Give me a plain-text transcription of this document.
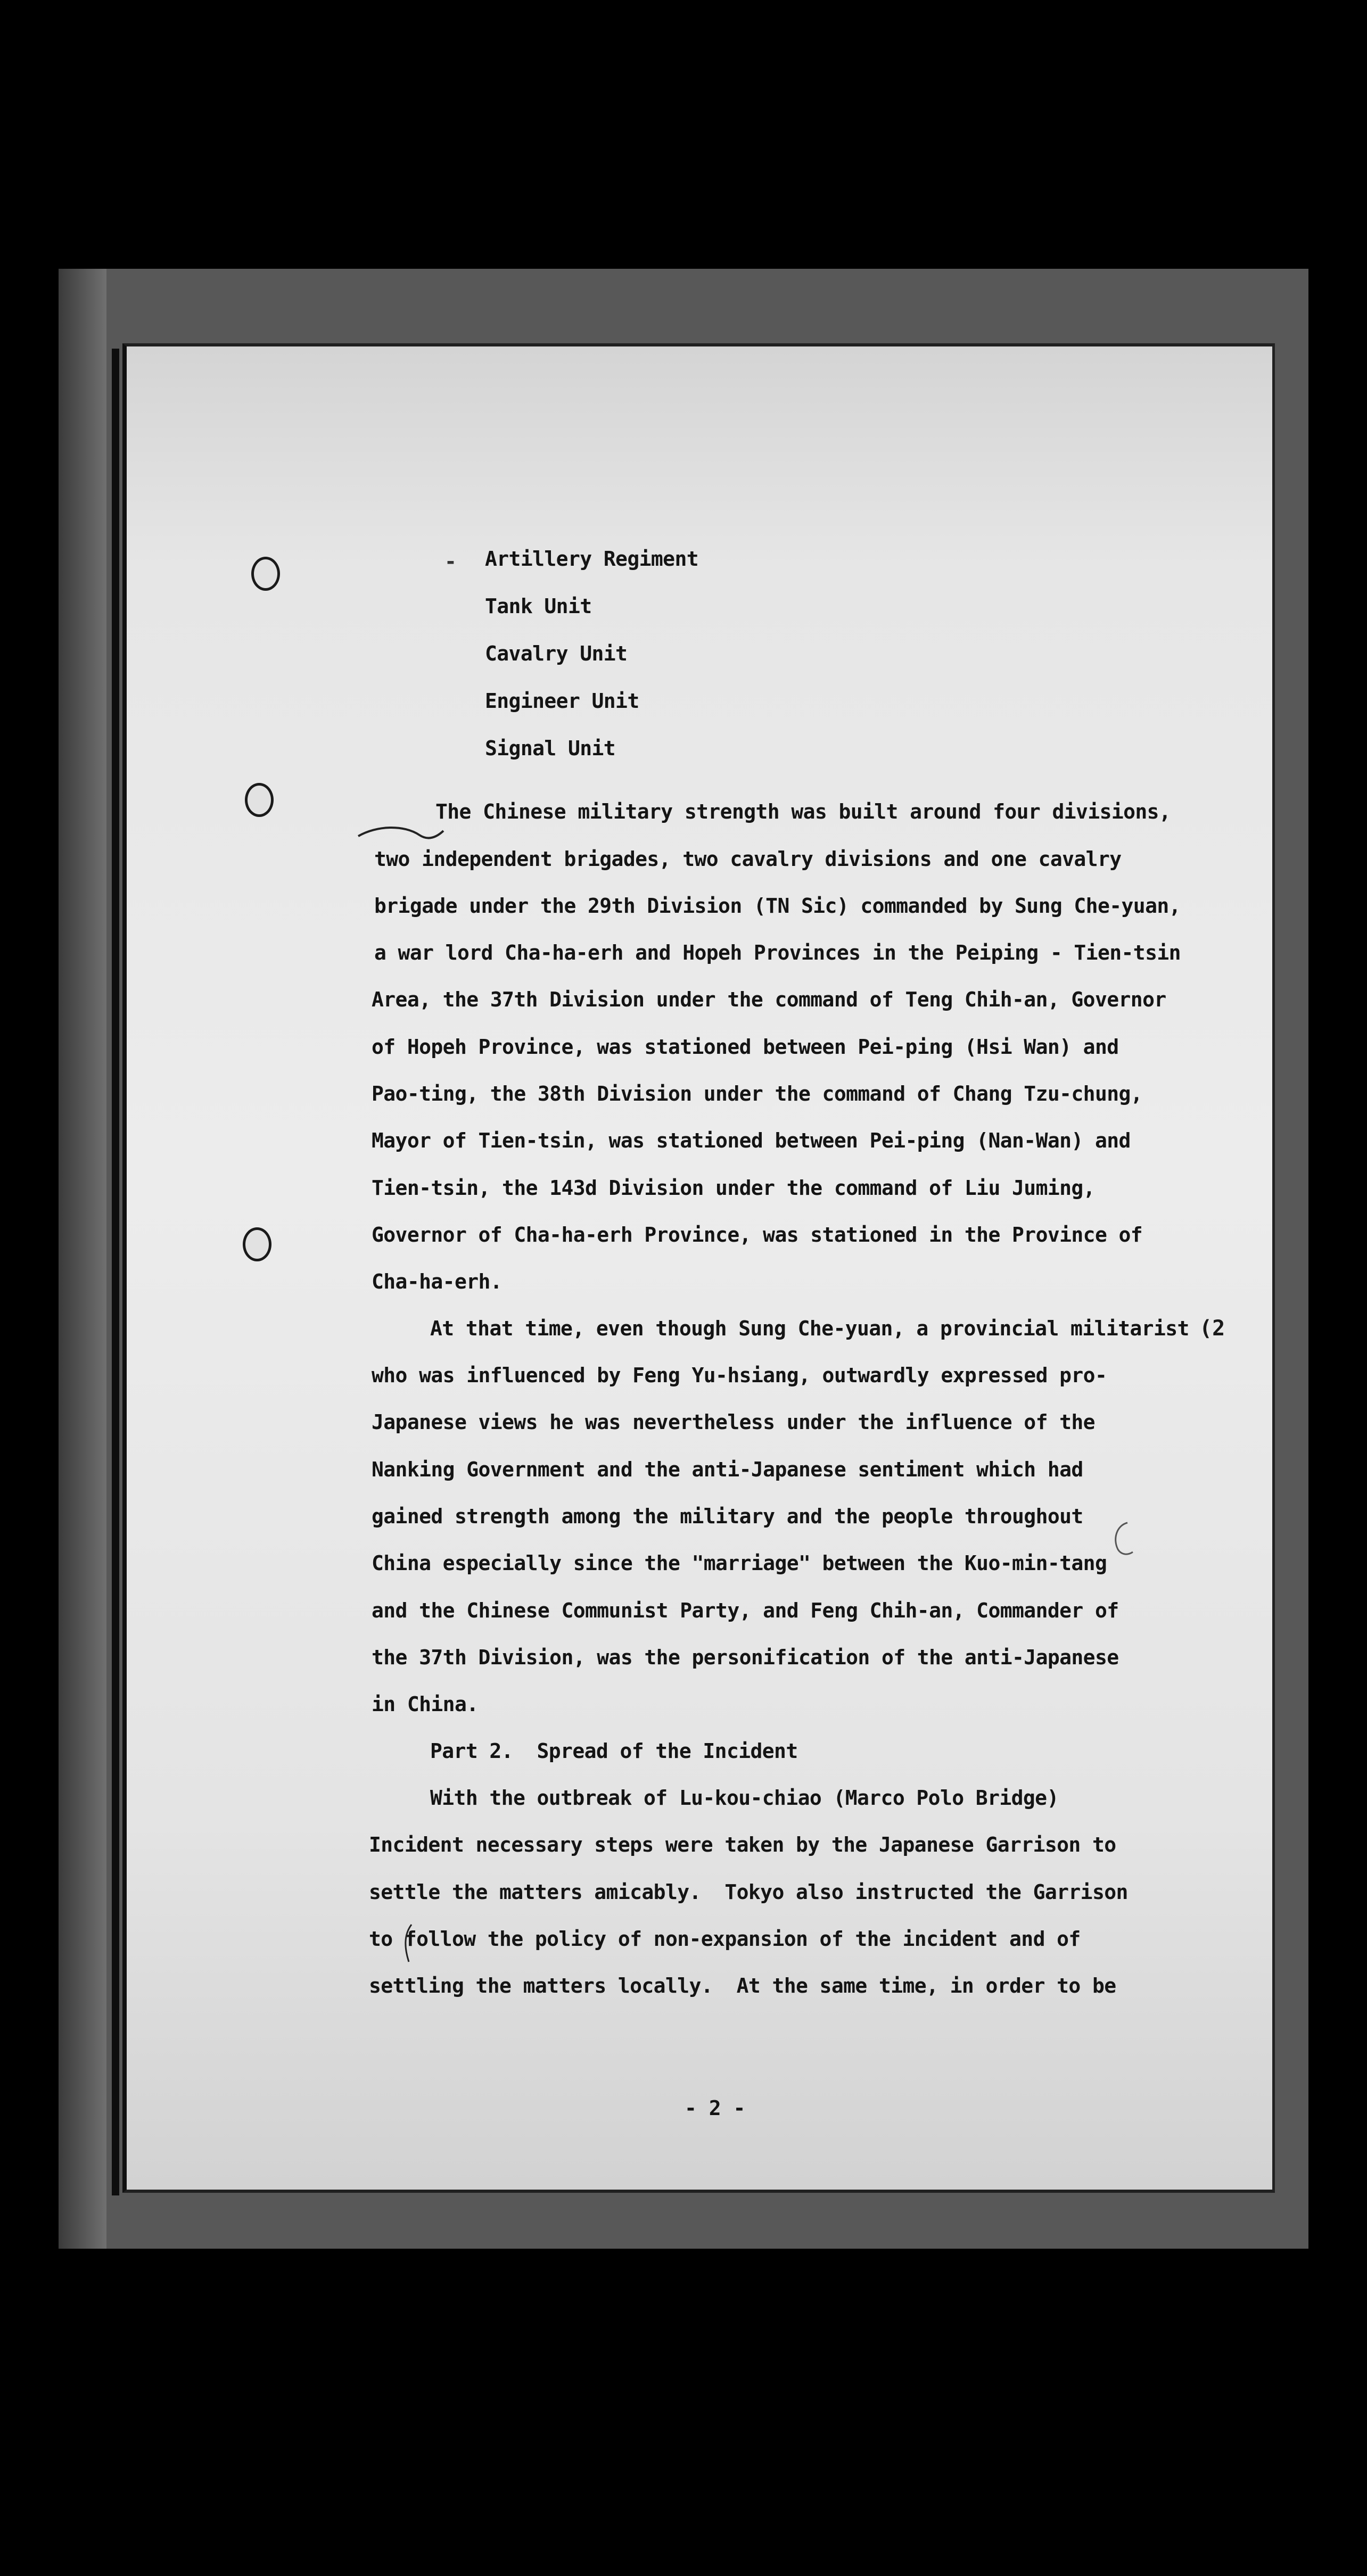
- Artillery Regiment
Tank Unit
Cavalry Unit
Engineer Unit
Signal Unit
The Chinese military strength was built around four divisions,
two independent brigades, two cavalry divisions and one cavalry
brigade under the 29th Division (TN Sic) commanded by Sung Che-yuan,
a war lord Cha-ha-erh and Hopeh Provinces in the Peiping - Tien-tsin
Area, the 37th Division under the command of Teng Chih-an, Governor
of Hopeh Province, was stationed between Pei-ping (Hsi Wan) and
Pao-ting, the 38th Division under the command of Chang Tzu-chung,
Mayor of Tien-tsin, was stationed between Pei-ping (Nan-Wan) and
Tien-tsin, the 143d Division under the command of Liu Juming,
Governor of Cha-ha-erh Province, was stationed in the Province of
Cha-ha-erh.
At that time, even though Sung Che-yuan, a provincial militarist
who was influenced by Feng Yu-hsiang, outwardly expressed pro-
Japanese views he was nevertheless under the influence of the
Nanking Government and the anti-Japanese sentiment which had
gained strength among the military and the people throughout
China especially since the "marriage" between the Kuo-min-tang
and the Chinese Communist Party, and Feng Chih-an, Commander of
the 37th Division, was the personification of the anti-Japanese
in China.
(2
Part 2.  Spread of the Incident
With the outbreak of Lu-kou-chiao (Marco Polo Bridge)
Incident necessary steps were taken by the Japanese Garrison to
settle the matters amicably.  Tokyo also instructed the Garrison
to follow the policy of non-expansion of the incident and of
settling the matters locally.  At the same time, in order to be
- 2 -
